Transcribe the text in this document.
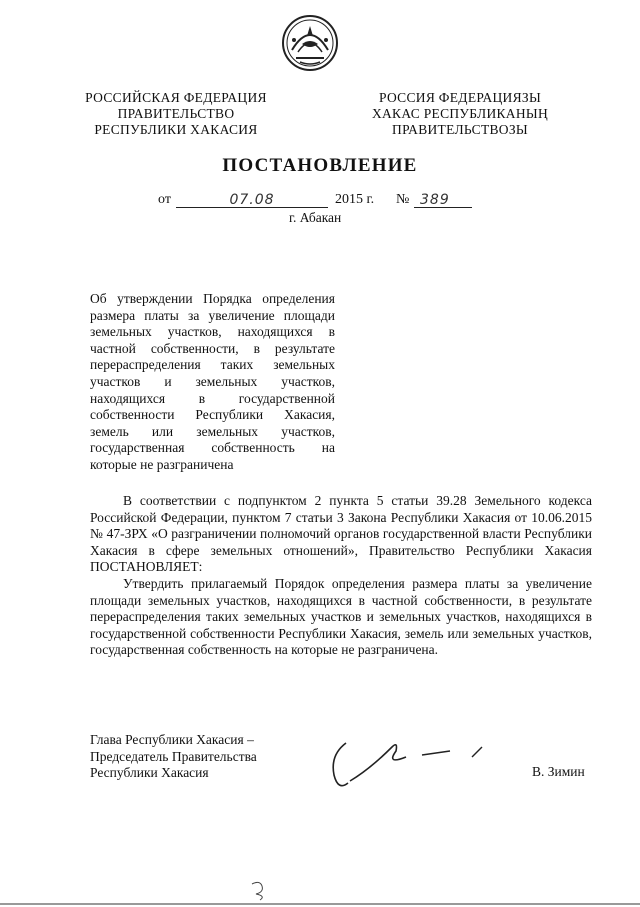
РОССИЙСКАЯ ФЕДЕРАЦИЯ
ПРАВИТЕЛЬСТВО
РЕСПУБЛИКИ ХАКАСИЯ
РОССИЯ ФЕДЕРАЦИЯЗЫ
ХАКАС РЕСПУБЛИКАНЫҢ
ПРАВИТЕЛЬСТВОЗЫ
ПОСТАНОВЛЕНИЕ
от	07.08	2015 г. № 389
г. Абакан
Об утверждении Порядка определения размера платы за увеличение площади земельных участков, находящихся в частной собственности, в результате перераспределения таких земельных участков и земельных участков, находящихся в государственной собственности Республики Хакасия, земель или земельных участков, государственная собственность на которые не разграничена

В соответствии с подпунктом 2 пункта 5 статьи 39.28 Земельного кодекса Российской Федерации, пунктом 7 статьи 3 Закона Республики Хакасия от 10.06.2015 № 47-ЗРХ «О разграничении полномочий органов государственной власти Республики Хакасия в сфере земельных отношений», Правительство Республики Хакасия ПОСТАНОВЛЯЕТ:

Утвердить прилагаемый Порядок определения размера платы за увеличение площади земельных участков, находящихся в частной собственности, в результате перераспределения таких земельных участков и земельных участков, находящихся в государственной собственности Республики Хакасия, земель или земельных участков, государственная собственность на которые не разграничена.

Глава Республики Хакасия –
Председатель Правительства
Республики Хакасия	В. Зимин
